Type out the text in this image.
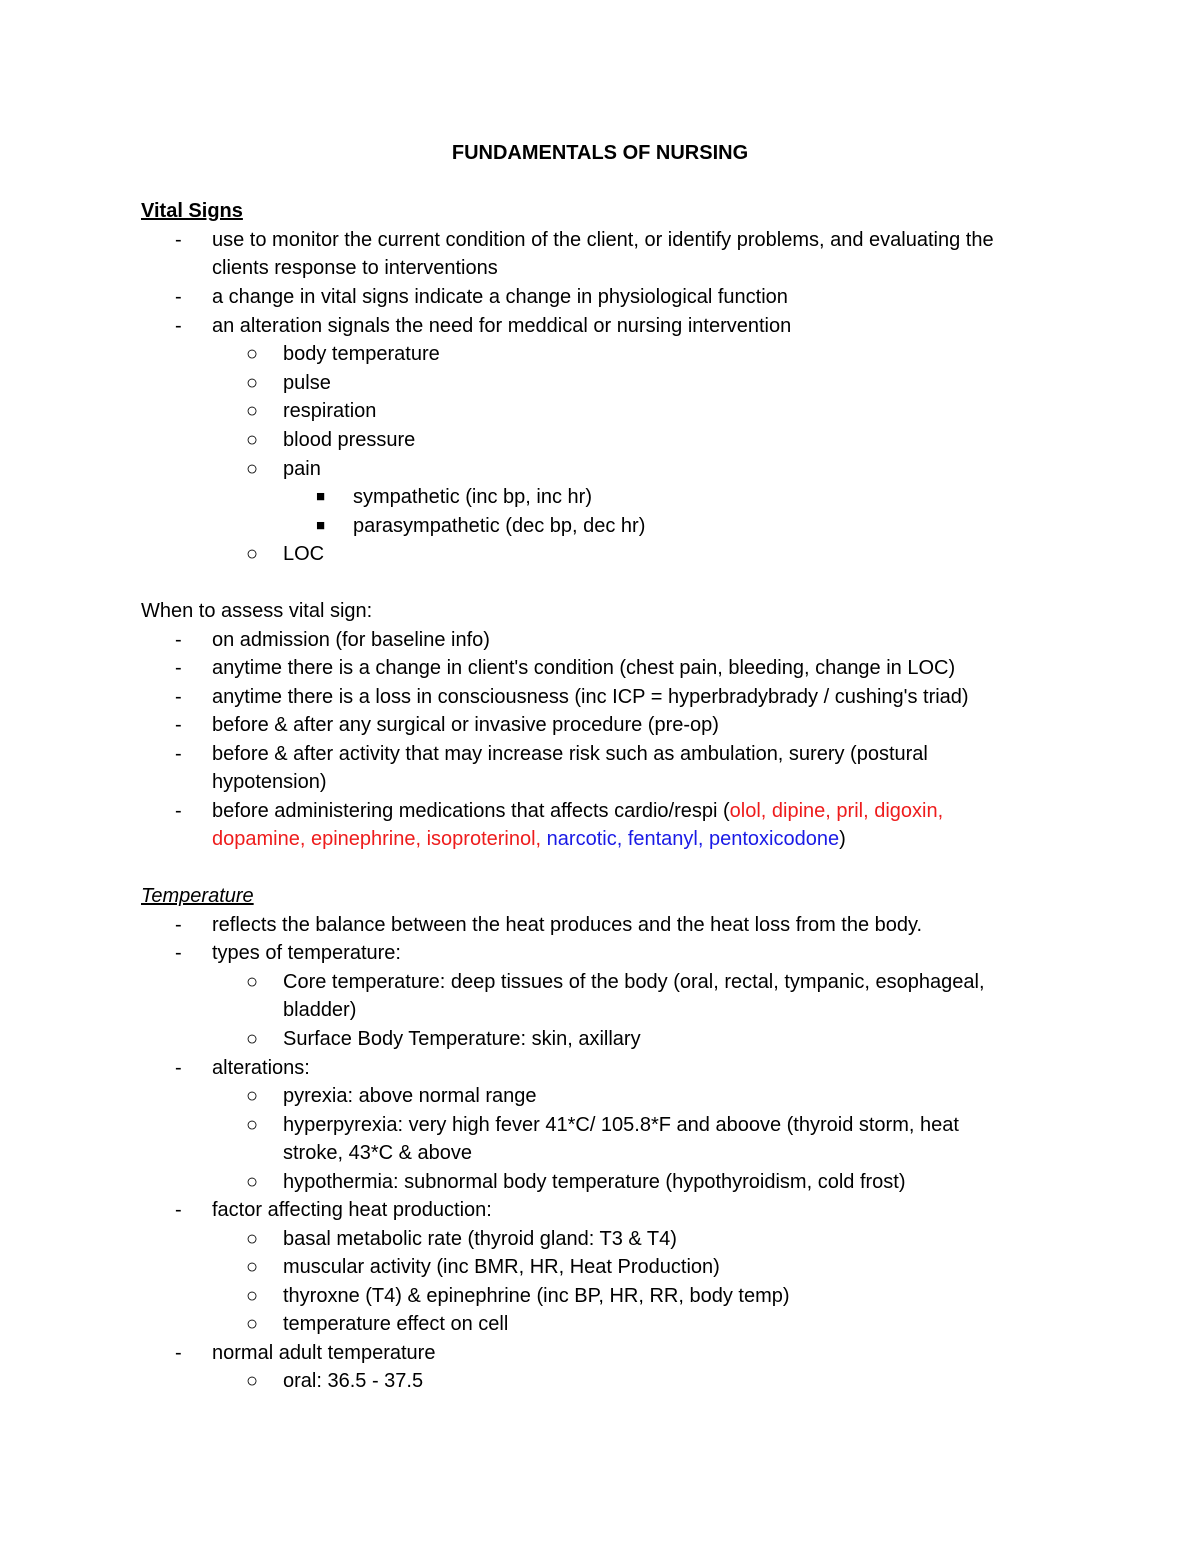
FUNDAMENTALS OF NURSING
Vital Signs
- use to monitor the current condition of the client, or identify problems, and evaluating the
clients response to interventions
- a change in vital signs indicate a change in physiological function
- an alteration signals the need for meddical or nursing intervention
○ body temperature
○ pulse
○ respiration
○ blood pressure
○ pain
■ sympathetic (inc bp, inc hr)
■ parasympathetic (dec bp, dec hr)
○ LOC
When to assess vital sign:
- on admission (for baseline info)
- anytime there is a change in client's condition (chest pain, bleeding, change in LOC)
- anytime there is a loss in consciousness (inc ICP = hyperbradybrady / cushing's triad)
- before & after any surgical or invasive procedure (pre-op)
- before & after activity that may increase risk such as ambulation, surery (postural
hypotension)
- before administering medications that affects cardio/respi (olol, dipine, pril, digoxin,
dopamine, epinephrine, isoproterinol, narcotic, fentanyl, pentoxicodone)
Temperature
- reflects the balance between the heat produces and the heat loss from the body.
- types of temperature:
○ Core temperature: deep tissues of the body (oral, rectal, tympanic, esophageal,
bladder)
○ Surface Body Temperature: skin, axillary
- alterations:
○ pyrexia: above normal range
○ hyperpyrexia: very high fever 41*C/ 105.8*F and aboove (thyroid storm, heat
stroke, 43*C & above
○ hypothermia: subnormal body temperature (hypothyroidism, cold frost)
- factor affecting heat production:
○ basal metabolic rate (thyroid gland: T3 & T4)
○ muscular activity (inc BMR, HR, Heat Production)
○ thyroxne (T4) & epinephrine (inc BP, HR, RR, body temp)
○ temperature effect on cell
- normal adult temperature
○ oral: 36.5 - 37.5
